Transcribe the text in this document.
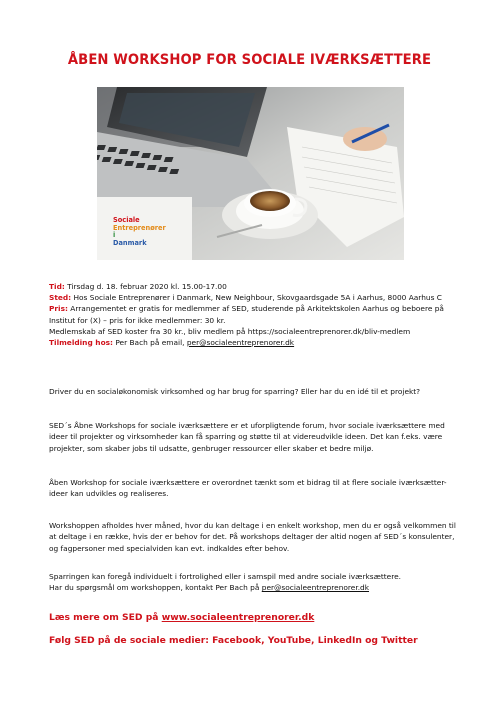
ÅBEN WORKSHOP FOR SOCIALE IVÆRKSÆTTERE
Sociale
Entreprenører
i
Danmark

Tid: Tirsdag d. 18. februar 2020 kl. 15.00-17.00

Sted: Hos Sociale Entreprenører i Danmark, New Neighbour, Skovgaardsgade 5A i Aarhus, 8000 Aarhus C

Pris: Arrangementet er gratis for medlemmer af SED, studerende på Arkitektskolen Aarhus og beboere på

Institut for (X) – pris for ikke medlemmer: 30 kr.

Medlemskab af SED koster fra 30 kr., bliv medlem på https://socialeentreprenorer.dk/bliv-medlem

Tilmelding hos: Per Bach på email, per@socialeentreprenorer.dk

Driver du en socialøkonomisk virksomhed og har brug for sparring? Eller har du en idé til et projekt?

SED´s Åbne Workshops for sociale iværksættere er et uforpligtende forum, hvor sociale iværksættere med

ideer til projekter og virksomheder kan få sparring og støtte til at videreudvikle ideen. Det kan f.eks. være

projekter, som skaber jobs til udsatte, genbruger ressourcer eller skaber et bedre miljø.

Åben Workshop for sociale iværksættere er overordnet tænkt som et bidrag til at flere sociale iværksætter-

ideer kan udvikles og realiseres.

Workshoppen afholdes hver måned, hvor du kan deltage i en enkelt workshop, men du er også velkommen til

at deltage i en række, hvis der er behov for det. På workshops deltager der altid nogen af SED´s konsulenter,

og fagpersoner med specialviden kan evt. indkaldes efter behov.

Sparringen kan foregå individuelt i fortrolighed eller i samspil med andre sociale iværksættere.

Har du spørgsmål om workshoppen, kontakt Per Bach på per@socialeentreprenorer.dk

Læs mere om SED på www.socialeentreprenorer.dk

Følg SED på de sociale medier: Facebook, YouTube, LinkedIn og Twitter
